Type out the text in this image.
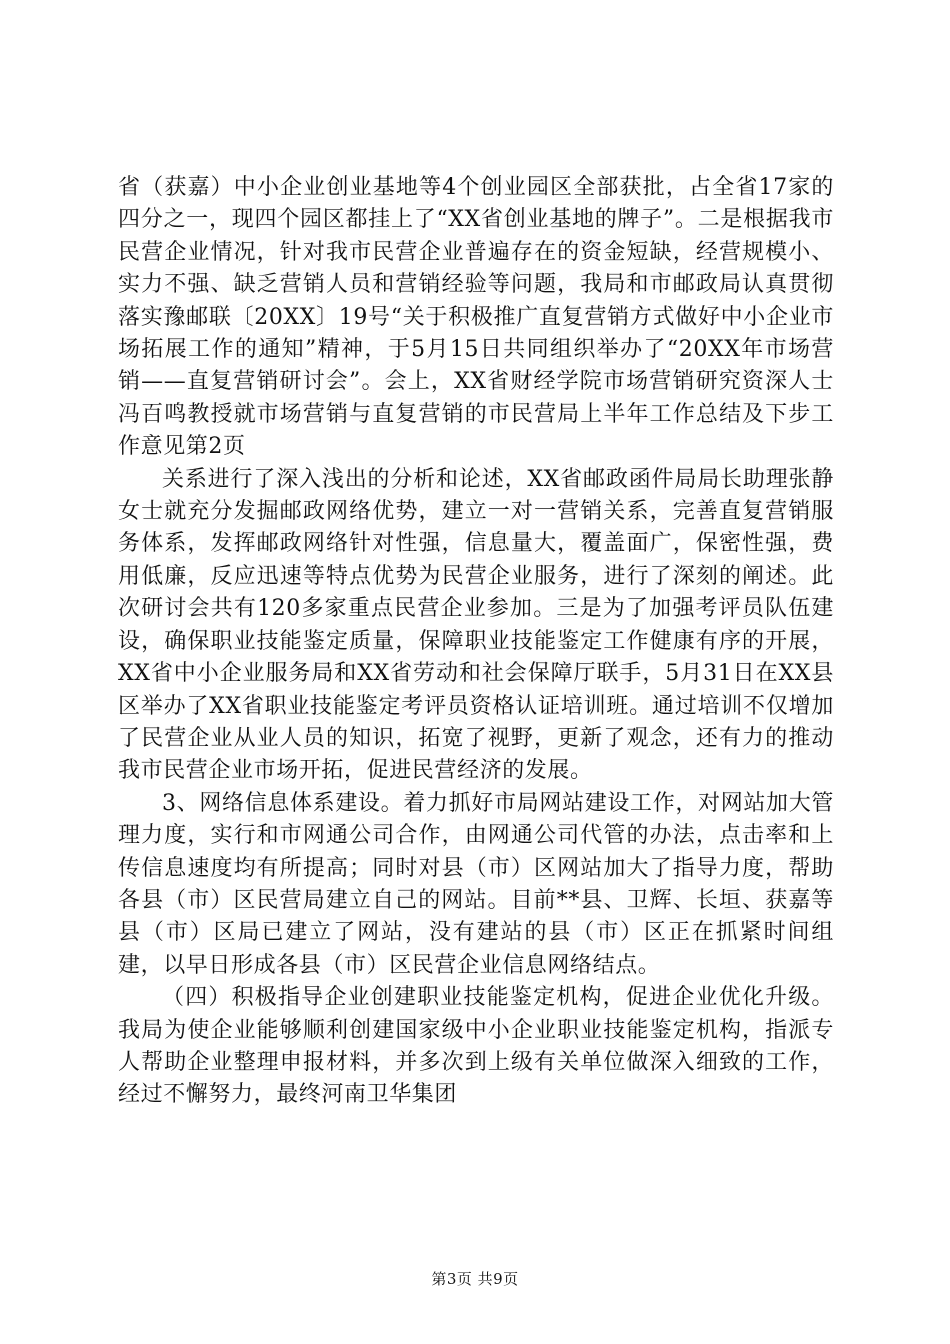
省（获嘉）中小企业创业基地等4个创业园区全部获批，占全省17家的四分之一，现四个园区都挂上了“XX省创业基地的牌子”。二是根据我市民营企业情况，针对我市民营企业普遍存在的资金短缺，经营规模小、实力不强、缺乏营销人员和营销经验等问题，我局和市邮政局认真贯彻落实豫邮联〔20XX〕19号“关于积极推广直复营销方式做好中小企业市场拓展工作的通知”精神，于5月15日共同组织举办了“20XX年市场营销——直复营销研讨会”。会上，XX省财经学院市场营销研究资深人士冯百鸣教授就市场营销与直复营销的市民营局上半年工作总结及下步工作意见第2页

关系进行了深入浅出的分析和论述，XX省邮政函件局局长助理张静女士就充分发掘邮政网络优势，建立一对一营销关系，完善直复营销服务体系，发挥邮政网络针对性强，信息量大，覆盖面广，保密性强，费用低廉，反应迅速等特点优势为民营企业服务，进行了深刻的阐述。此次研讨会共有120多家重点民营企业参加。三是为了加强考评员队伍建设，确保职业技能鉴定质量，保障职业技能鉴定工作健康有序的开展，XX省中小企业服务局和XX省劳动和社会保障厅联手，5月31日在XX县区举办了XX省职业技能鉴定考评员资格认证培训班。通过培训不仅增加了民营企业从业人员的知识，拓宽了视野，更新了观念，还有力的推动我市民营企业市场开拓，促进民营经济的发展。

3、网络信息体系建设。着力抓好市局网站建设工作，对网站加大管理力度，实行和市网通公司合作，由网通公司代管的办法，点击率和上传信息速度均有所提高；同时对县（市）区网站加大了指导力度，帮助各县（市）区民营局建立自己的网站。目前**县、卫辉、长垣、获嘉等县（市）区局已建立了网站，没有建站的县（市）区正在抓紧时间组建，以早日形成各县（市）区民营企业信息网络结点。

（四）积极指导企业创建职业技能鉴定机构，促进企业优化升级。我局为使企业能够顺利创建国家级中小企业职业技能鉴定机构，指派专人帮助企业整理申报材料，并多次到上级有关单位做深入细致的工作，经过不懈努力，最终河南卫华集团

第3页 共9页
